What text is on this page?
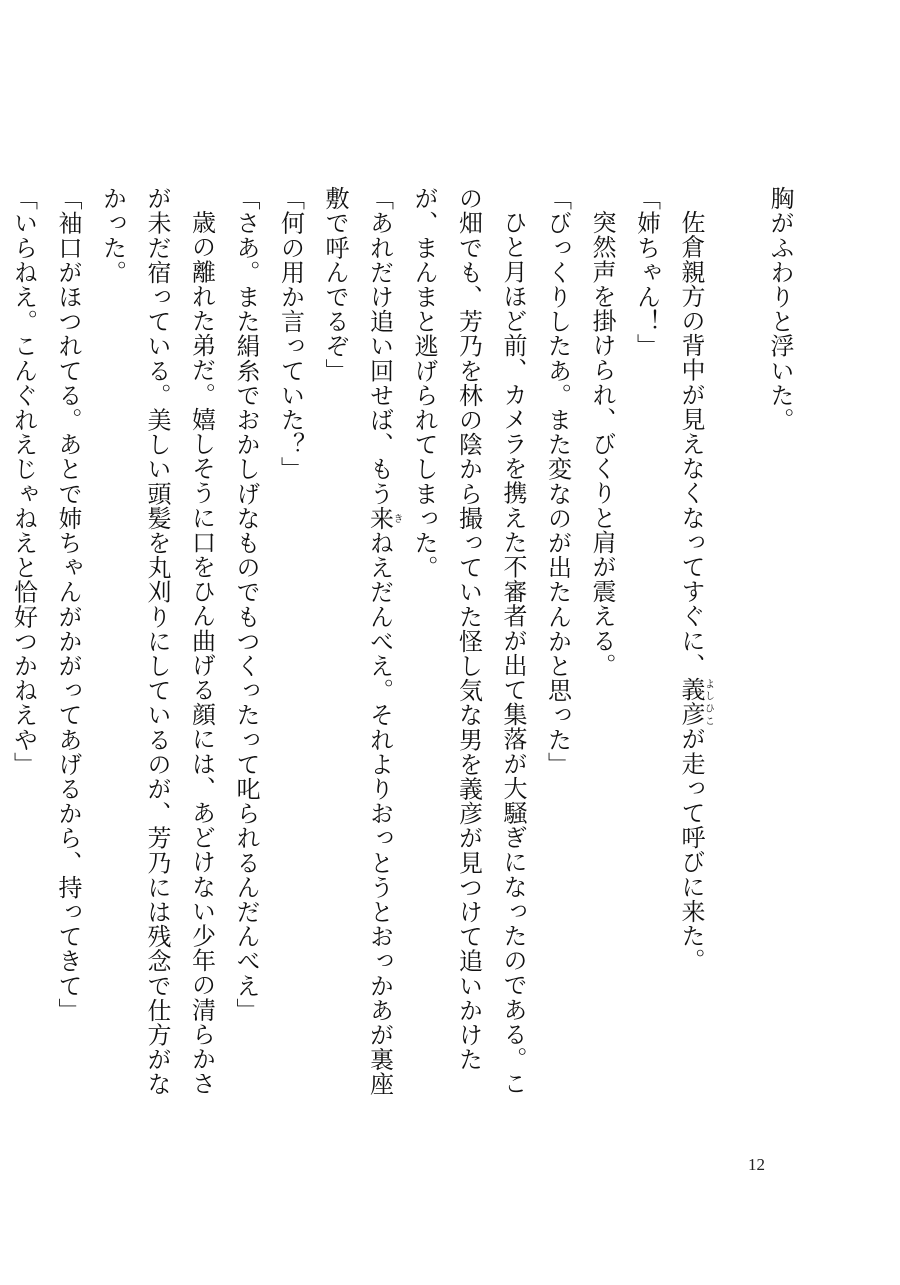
胸がふわりと浮いた。

佐倉親方の背中が見えなくなってすぐに、義彦よしひこが走って呼びに来た。

「姉ちゃん！」

突然声を掛けられ、びくりと肩が震える。

「びっくりしたあ。また変なのが出たんかと思った」

ひと月ほど前、カメラを携えた不審者が出て集落が大騒ぎになったのである。この畑でも、芳乃を林の陰から撮っていた怪し気な男を義彦が見つけて追いかけたが、まんまと逃げられてしまった。

「あれだけ追い回せば、もう来きねえだんべえ。それよりおっとうとおっかあが裏座敷で呼んでるぞ」

「何の用か言っていた？」

「さあ。また絹糸でおかしげなものでもつくったって叱られるんだんべえ」

歳の離れた弟だ。嬉しそうに口をひん曲げる顔には、あどけない少年の清らかさが未だ宿っている。美しい頭髪を丸刈りにしているのが、芳乃には残念で仕方がなかった。

「袖口がほつれてる。あとで姉ちゃんがかがってあげるから、持ってきて」

「いらねえ。こんぐれえじゃねえと恰好つかねえや」

12
